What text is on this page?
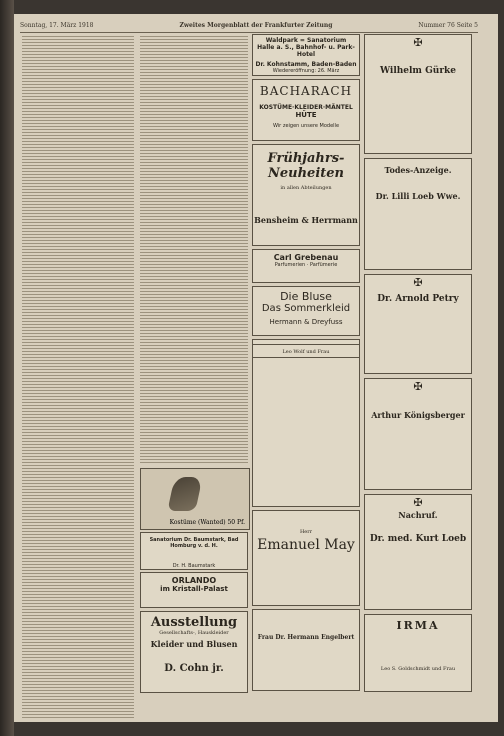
Sonntag, 17. März 1918	Zweites Morgenblatt der Frankfurter Zeitung	Nummer 76 Seite 5
Kostüme (Wanted) 50 Pf.
Sanatorium Dr. Baumstark, Bad Homburg v. d. H.
Dr. H. Baumstark
ORLANDO
im Kristall-Palast
Ausstellung
Gesellschafts-, Hauskleider
Kleider und Blusen
D. Cohn jr.
Waldpark = Sanatorium
Halle a. S., Bahnhof- u. Park-Hotel
Dr. Kohnstamm, Baden-Baden
Wiedereröffnung: 26. März
BACHARACH
KOSTÜME·KLEIDER·MÄNTEL
HÜTE
Wir zeigen unsere Modelle
Frühjahrs-
Neuheiten
in allen Abteilungen
Bensheim & Herrmann
Carl Grebenau
Parfumerien · Parfümerie
Die Bluse
Das Sommerkleid
Hermann & Dreyfuss
Leo Wolf und Frau
Herr
Emanuel May
Frau Dr. Hermann Engelbert
✠
Wilhelm Gürke
Todes-Anzeige.
Dr. Lilli Loeb Wwe.
✠
Dr. Arnold Petry
✠
Arthur Königsberger
✠
Nachruf.
Dr. med. Kurt Loeb
IRMA
Leo S. Goldschmidt und Frau
